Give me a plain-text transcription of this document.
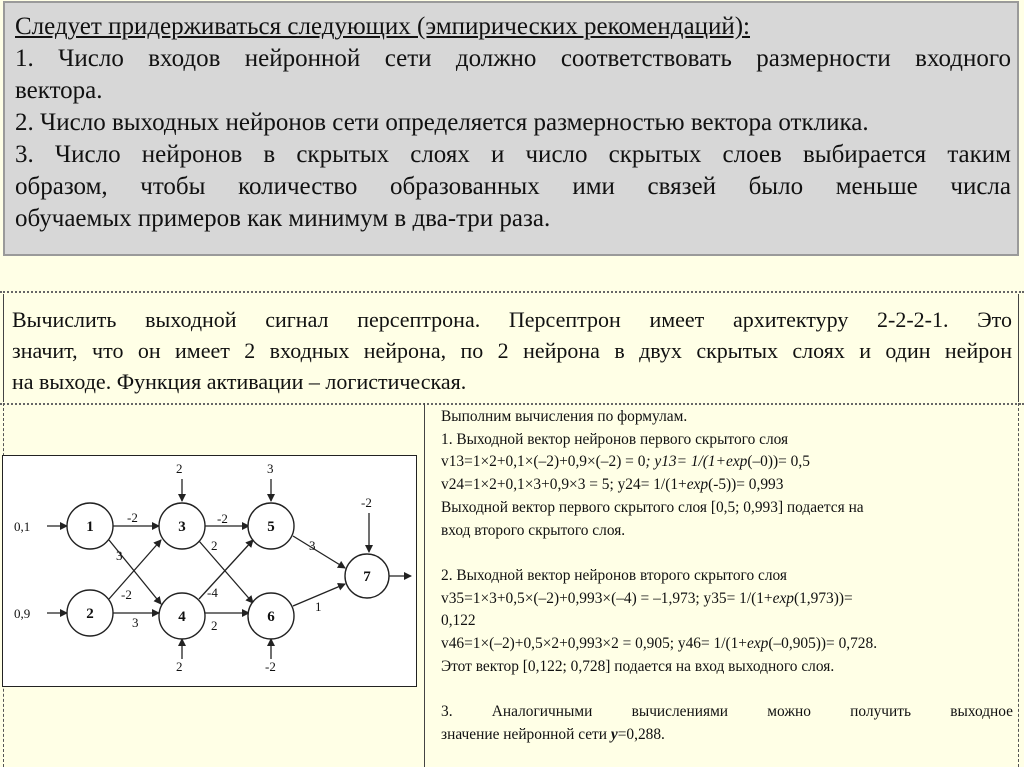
Следует придерживаться следующих (эмпирических рекомендаций):

1. Число входов нейронной сети должно соответствовать размерности входного

вектора.

2. Число выходных нейронов сети определяется размерностью вектора отклика.

3. Число нейронов в скрытых слоях и число скрытых слоев выбирается таким

образом, чтобы количество образованных ими связей было меньше числа

обучаемых примеров как минимум в два-три раза.

Вычислить выходной сигнал персептрона. Персептрон имеет архитектуру 2-2-2-1. Это

значит, что он имеет 2 входных нейрона, по 2 нейрона в двух скрытых слоях и один нейрон

на выходе. Функция активации – логистическая.

1
2
3
4
5
6
7
0,1
0,9
-2
3
-2
3
2
2
-2
2
-4
2
3
-2
3
1
-2

Выполним вычисления по формулам.

1. Выходной вектор нейронов первого скрытого слоя

v13=1×2+0,1×(–2)+0,9×(–2) = 0; y13= 1/(1+exp(–0))= 0,5

v24=1×2+0,1×3+0,9×3 = 5; y24= 1/(1+exp(-5))= 0,993

Выходной вектор первого скрытого слоя [0,5; 0,993] подается на

вход второго скрытого слоя.

2. Выходной вектор нейронов второго скрытого слоя

v35=1×3+0,5×(–2)+0,993×(–4) = –1,973; y35= 1/(1+exp(1,973))=

0,122

v46=1×(–2)+0,5×2+0,993×2 = 0,905; y46= 1/(1+exp(–0,905))= 0,728.

Этот вектор [0,122; 0,728] подается на вход выходного слоя.

3. Аналогичными вычислениями можно получить выходное

значение нейронной сети y=0,288.
